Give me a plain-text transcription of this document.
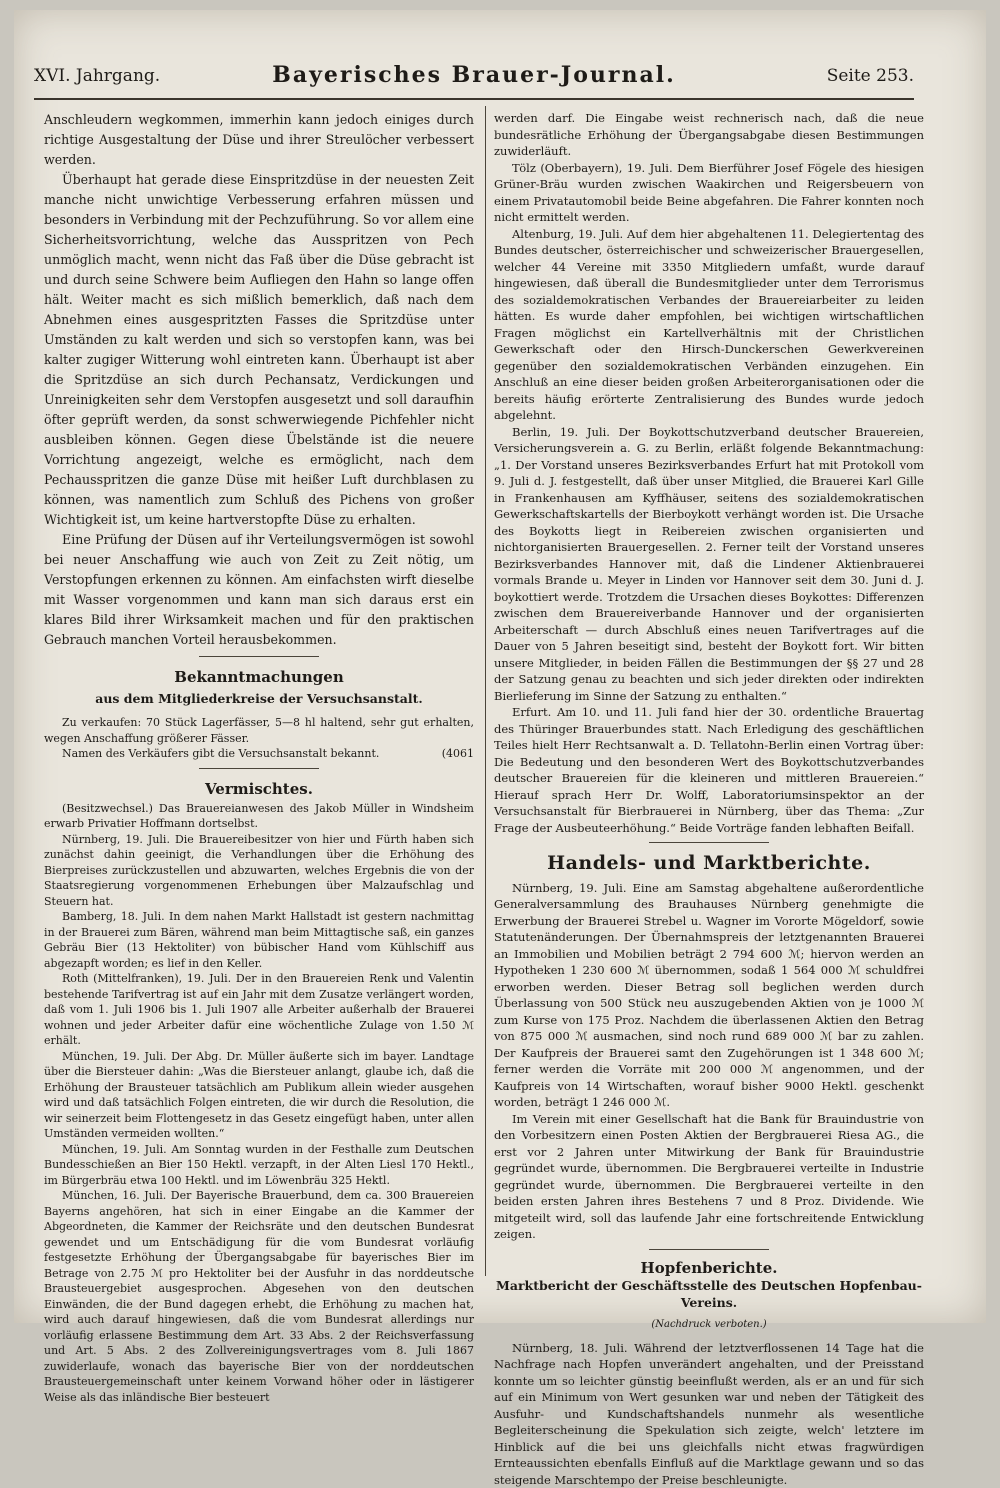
XVI. Jahrgang.	Bayerisches Brauer-Journal.	Seite 253.

Anschleudern wegkommen, immerhin kann jedoch einiges durch richtige Ausgestaltung der Düse und ihrer Streulöcher verbessert werden.

Überhaupt hat gerade diese Einspritzdüse in der neuesten Zeit manche nicht unwichtige Verbesserung erfahren müssen und besonders in Verbindung mit der Pechzuführung. So vor allem eine Sicherheitsvorrichtung, welche das Ausspritzen von Pech unmöglich macht, wenn nicht das Faß über die Düse gebracht ist und durch seine Schwere beim Aufliegen den Hahn so lange offen hält. Weiter macht es sich mißlich bemerklich, daß nach dem Abnehmen eines ausgespritzten Fasses die Spritzdüse unter Umständen zu kalt werden und sich so verstopfen kann, was bei kalter zugiger Witterung wohl eintreten kann. Überhaupt ist aber die Spritzdüse an sich durch Pechansatz, Verdickungen und Unreinigkeiten sehr dem Verstopfen ausgesetzt und soll daraufhin öfter geprüft werden, da sonst schwerwiegende Pichfehler nicht ausbleiben können. Gegen diese Übelstände ist die neuere Vorrichtung angezeigt, welche es ermöglicht, nach dem Pechausspritzen die ganze Düse mit heißer Luft durchblasen zu können, was namentlich zum Schluß des Pichens von großer Wichtigkeit ist, um keine hartverstopfte Düse zu erhalten.

Eine Prüfung der Düsen auf ihr Verteilungsvermögen ist sowohl bei neuer Anschaffung wie auch von Zeit zu Zeit nötig, um Verstopfungen erkennen zu können. Am einfachsten wirft dieselbe mit Wasser vorgenommen und kann man sich daraus erst ein klares Bild ihrer Wirksamkeit machen und für den praktischen Gebrauch manchen Vorteil herausbekommen.

Bekanntmachungen
aus dem Mitgliederkreise der Versuchsanstalt.

Zu verkaufen: 70 Stück Lagerfässer, 5—8 hl haltend, sehr gut erhalten, wegen Anschaffung größerer Fässer.

Namen des Verkäufers gibt die Versuchsanstalt bekannt.	(4061

Vermischtes.

(Besitzwechsel.) Das Brauereianwesen des Jakob Müller in Windsheim erwarb Privatier Hoffmann dortselbst.

Nürnberg, 19. Juli. Die Brauereibesitzer von hier und Fürth haben sich zunächst dahin geeinigt, die Verhandlungen über die Erhöhung des Bierpreises zurückzustellen und abzuwarten, welches Ergebnis die von der Staatsregierung vorgenommenen Erhebungen über Malzaufschlag und Steuern hat.

Bamberg, 18. Juli. In dem nahen Markt Hallstadt ist gestern nachmittag in der Brauerei zum Bären, während man beim Mittagtische saß, ein ganzes Gebräu Bier (13 Hektoliter) von bübischer Hand vom Kühlschiff aus abgezapft worden; es lief in den Keller.

Roth (Mittelfranken), 19. Juli. Der in den Brauereien Renk und Valentin bestehende Tarifvertrag ist auf ein Jahr mit dem Zusatze verlängert worden, daß vom 1. Juli 1906 bis 1. Juli 1907 alle Arbeiter außerhalb der Brauerei wohnen und jeder Arbeiter dafür eine wöchentliche Zulage von 1.50 ℳ erhält.

München, 19. Juli. Der Abg. Dr. Müller äußerte sich im bayer. Landtage über die Biersteuer dahin: „Was die Biersteuer anlangt, glaube ich, daß die Erhöhung der Brausteuer tatsächlich am Publikum allein wieder ausgehen wird und daß tatsächlich Folgen eintreten, die wir durch die Resolution, die wir seinerzeit beim Flottengesetz in das Gesetz eingefügt haben, unter allen Umständen vermeiden wollten.“

München, 19. Juli. Am Sonntag wurden in der Festhalle zum Deutschen Bundesschießen an Bier 150 Hektl. verzapft, in der Alten Liesl 170 Hektl., im Bürgerbräu etwa 100 Hektl. und im Löwenbräu 325 Hektl.

München, 16. Juli. Der Bayerische Brauerbund, dem ca. 300 Brauereien Bayerns angehören, hat sich in einer Eingabe an die Kammer der Abgeordneten, die Kammer der Reichsräte und den deutschen Bundesrat gewendet und um Entschädigung für die vom Bundesrat vorläufig festgesetzte Erhöhung der Übergangsabgabe für bayerisches Bier im Betrage von 2.75 ℳ pro Hektoliter bei der Ausfuhr in das norddeutsche Brausteuergebiet ausgesprochen. Abgesehen von den deutschen Einwänden, die der Bund dagegen erhebt, die Erhöhung zu machen hat, wird auch darauf hingewiesen, daß die vom Bundesrat allerdings nur vorläufig erlassene Bestimmung dem Art. 33 Abs. 2 der Reichsverfassung und Art. 5 Abs. 2 des Zollvereinigungsvertrages vom 8. Juli 1867 zuwiderlaufe, wonach das bayerische Bier von der norddeutschen Brausteuergemeinschaft unter keinem Vorwand höher oder in lästigerer Weise als das inländische Bier besteuert

werden darf. Die Eingabe weist rechnerisch nach, daß die neue bundesrätliche Erhöhung der Übergangsabgabe diesen Bestimmungen zuwiderläuft.

Tölz (Oberbayern), 19. Juli. Dem Bierführer Josef Fögele des hiesigen Grüner-Bräu wurden zwischen Waakirchen und Reigersbeuern von einem Privatautomobil beide Beine abgefahren. Die Fahrer konnten noch nicht ermittelt werden.

Altenburg, 19. Juli. Auf dem hier abgehaltenen 11. Delegiertentag des Bundes deutscher, österreichischer und schweizerischer Brauergesellen, welcher 44 Vereine mit 3350 Mitgliedern umfaßt, wurde darauf hingewiesen, daß überall die Bundesmitglieder unter dem Terrorismus des sozialdemokratischen Verbandes der Brauereiarbeiter zu leiden hätten. Es wurde daher empfohlen, bei wichtigen wirtschaftlichen Fragen möglichst ein Kartellverhältnis mit der Christlichen Gewerkschaft oder den Hirsch-Dunckerschen Gewerkvereinen gegenüber den sozialdemokratischen Verbänden einzugehen. Ein Anschluß an eine dieser beiden großen Arbeiterorganisationen oder die bereits häufig erörterte Zentralisierung des Bundes wurde jedoch abgelehnt.

Berlin, 19. Juli. Der Boykottschutzverband deutscher Brauereien, Versicherungsverein a. G. zu Berlin, erläßt folgende Bekanntmachung: „1. Der Vorstand unseres Bezirksverbandes Erfurt hat mit Protokoll vom 9. Juli d. J. festgestellt, daß über unser Mitglied, die Brauerei Karl Gille in Frankenhausen am Kyffhäuser, seitens des sozialdemokratischen Gewerkschaftskartells der Bierboykott verhängt worden ist. Die Ursache des Boykotts liegt in Reibereien zwischen organisierten und nichtorganisierten Brauergesellen. 2. Ferner teilt der Vorstand unseres Bezirksverbandes Hannover mit, daß die Lindener Aktienbrauerei vormals Brande u. Meyer in Linden vor Hannover seit dem 30. Juni d. J. boykottiert werde. Trotzdem die Ursachen dieses Boykottes: Differenzen zwischen dem Brauereiverbande Hannover und der organisierten Arbeiterschaft — durch Abschluß eines neuen Tarifvertrages auf die Dauer von 5 Jahren beseitigt sind, besteht der Boykott fort. Wir bitten unsere Mitglieder, in beiden Fällen die Bestimmungen der §§ 27 und 28 der Satzung genau zu beachten und sich jeder direkten oder indirekten Bierlieferung im Sinne der Satzung zu enthalten.“

Erfurt. Am 10. und 11. Juli fand hier der 30. ordentliche Brauertag des Thüringer Brauerbundes statt. Nach Erledigung des geschäftlichen Teiles hielt Herr Rechtsanwalt a. D. Tellatohn-Berlin einen Vortrag über: Die Bedeutung und den besonderen Wert des Boykottschutzverbandes deutscher Brauereien für die kleineren und mittleren Brauereien.“ Hierauf sprach Herr Dr. Wolff, Laboratoriumsinspektor an der Versuchsanstalt für Bierbrauerei in Nürnberg, über das Thema: „Zur Frage der Ausbeuteerhöhung.“ Beide Vorträge fanden lebhaften Beifall.

Handels- und Marktberichte.

Nürnberg, 19. Juli. Eine am Samstag abgehaltene außerordentliche Generalversammlung des Brauhauses Nürnberg genehmigte die Erwerbung der Brauerei Strebel u. Wagner im Vororte Mögeldorf, sowie Statutenänderungen. Der Übernahmspreis der letztgenannten Brauerei an Immobilien und Mobilien beträgt 2 794 600 ℳ; hiervon werden an Hypotheken 1 230 600 ℳ übernommen, sodaß 1 564 000 ℳ schuldfrei erworben werden. Dieser Betrag soll beglichen werden durch Überlassung von 500 Stück neu auszugebenden Aktien von je 1000 ℳ zum Kurse von 175 Proz. Nachdem die überlassenen Aktien den Betrag von 875 000 ℳ ausmachen, sind noch rund 689 000 ℳ bar zu zahlen. Der Kaufpreis der Brauerei samt den Zugehörungen ist 1 348 600 ℳ; ferner werden die Vorräte mit 200 000 ℳ angenommen, und der Kaufpreis von 14 Wirtschaften, worauf bisher 9000 Hektl. geschenkt worden, beträgt 1 246 000 ℳ.

Im Verein mit einer Gesellschaft hat die Bank für Brauindustrie von den Vorbesitzern einen Posten Aktien der Bergbrauerei Riesa AG., die erst vor 2 Jahren unter Mitwirkung der Bank für Brauindustrie gegründet wurde, übernommen. Die Bergbrauerei verteilte in Industrie gegründet wurde, übernommen. Die Bergbrauerei verteilte in den beiden ersten Jahren ihres Bestehens 7 und 8 Proz. Dividende. Wie mitgeteilt wird, soll das laufende Jahr eine fortschreitende Entwicklung zeigen.

Hopfenberichte.
Marktbericht der Geschäftsstelle des Deutschen Hopfenbau-Vereins.
(Nachdruck verboten.)

Nürnberg, 18. Juli. Während der letztverflossenen 14 Tage hat die Nachfrage nach Hopfen unverändert angehalten, und der Preisstand konnte um so leichter günstig beeinflußt werden, als er an und für sich auf ein Minimum von Wert gesunken war und neben der Tätigkeit des Ausfuhr- und Kundschaftshandels nunmehr als wesentliche Begleiterscheinung die Spekulation sich zeigte, welch' letztere im Hinblick auf die bei uns gleichfalls nicht etwas fragwürdigen Ernteaussichten ebenfalls Einfluß auf die Marktlage gewann und so das steigende Marschtempo der Preise beschleunigte.
